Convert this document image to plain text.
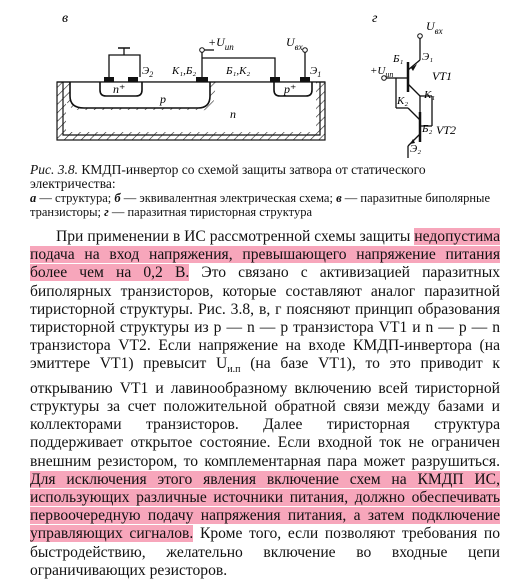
в	г
$+U_{ип}$	$U_{вх}$
$Э_2$ К₁,Б₂	Б₁,К₂	$Э_1$
n⁺
p
n
p⁺
$U_{вх}$
$+U_{ип}$
Б₁ Э₁
VT1
К₂ К₁
Б₂ VT2
Э₂
Рис. 3.8. КМДП-инвертор со схемой защиты затвора от статического электричества:
а — структура; б — эквивалентная электрическая схема; в — паразитные биполярные транзисторы; г — паразитная тиристорная структура

При применении в ИС рассмотренной схемы защиты недопустима подача на вход напряжения, превышающего напряжение питания более чем на 0,2 В. Это связано с активизацией паразитных биполярных транзисторов, которые составляют аналог паразитной тиристорной структуры. Рис. 3.8, в, г поясняют принцип образования тиристорной структуры из p — n — p транзистора VT1 и n — p — n транзистора VT2. Если напряжение на входе КМДП-инвертора (на эмиттере VT1) превысит $U_{и.п}$ (на базе VT1), то это приводит к открыванию VT1 и лавинообразному включению всей тиристорной структуры за счет положительной обратной связи между базами и коллекторами транзисторов. Далее тиристорная структура поддерживает открытое состояние. Если входной ток не ограничен внешним резистором, то комплементарная пара может разрушиться. Для исключения этого явления включение схем на КМДП ИС, использующих различные источники питания, должно обеспечивать первоочередную подачу напряжения питания, а затем подключение управляющих сигналов. Кроме того, если позволяют требования по быстродействию, желательно включение во входные цепи ограничивающих резисторов.
